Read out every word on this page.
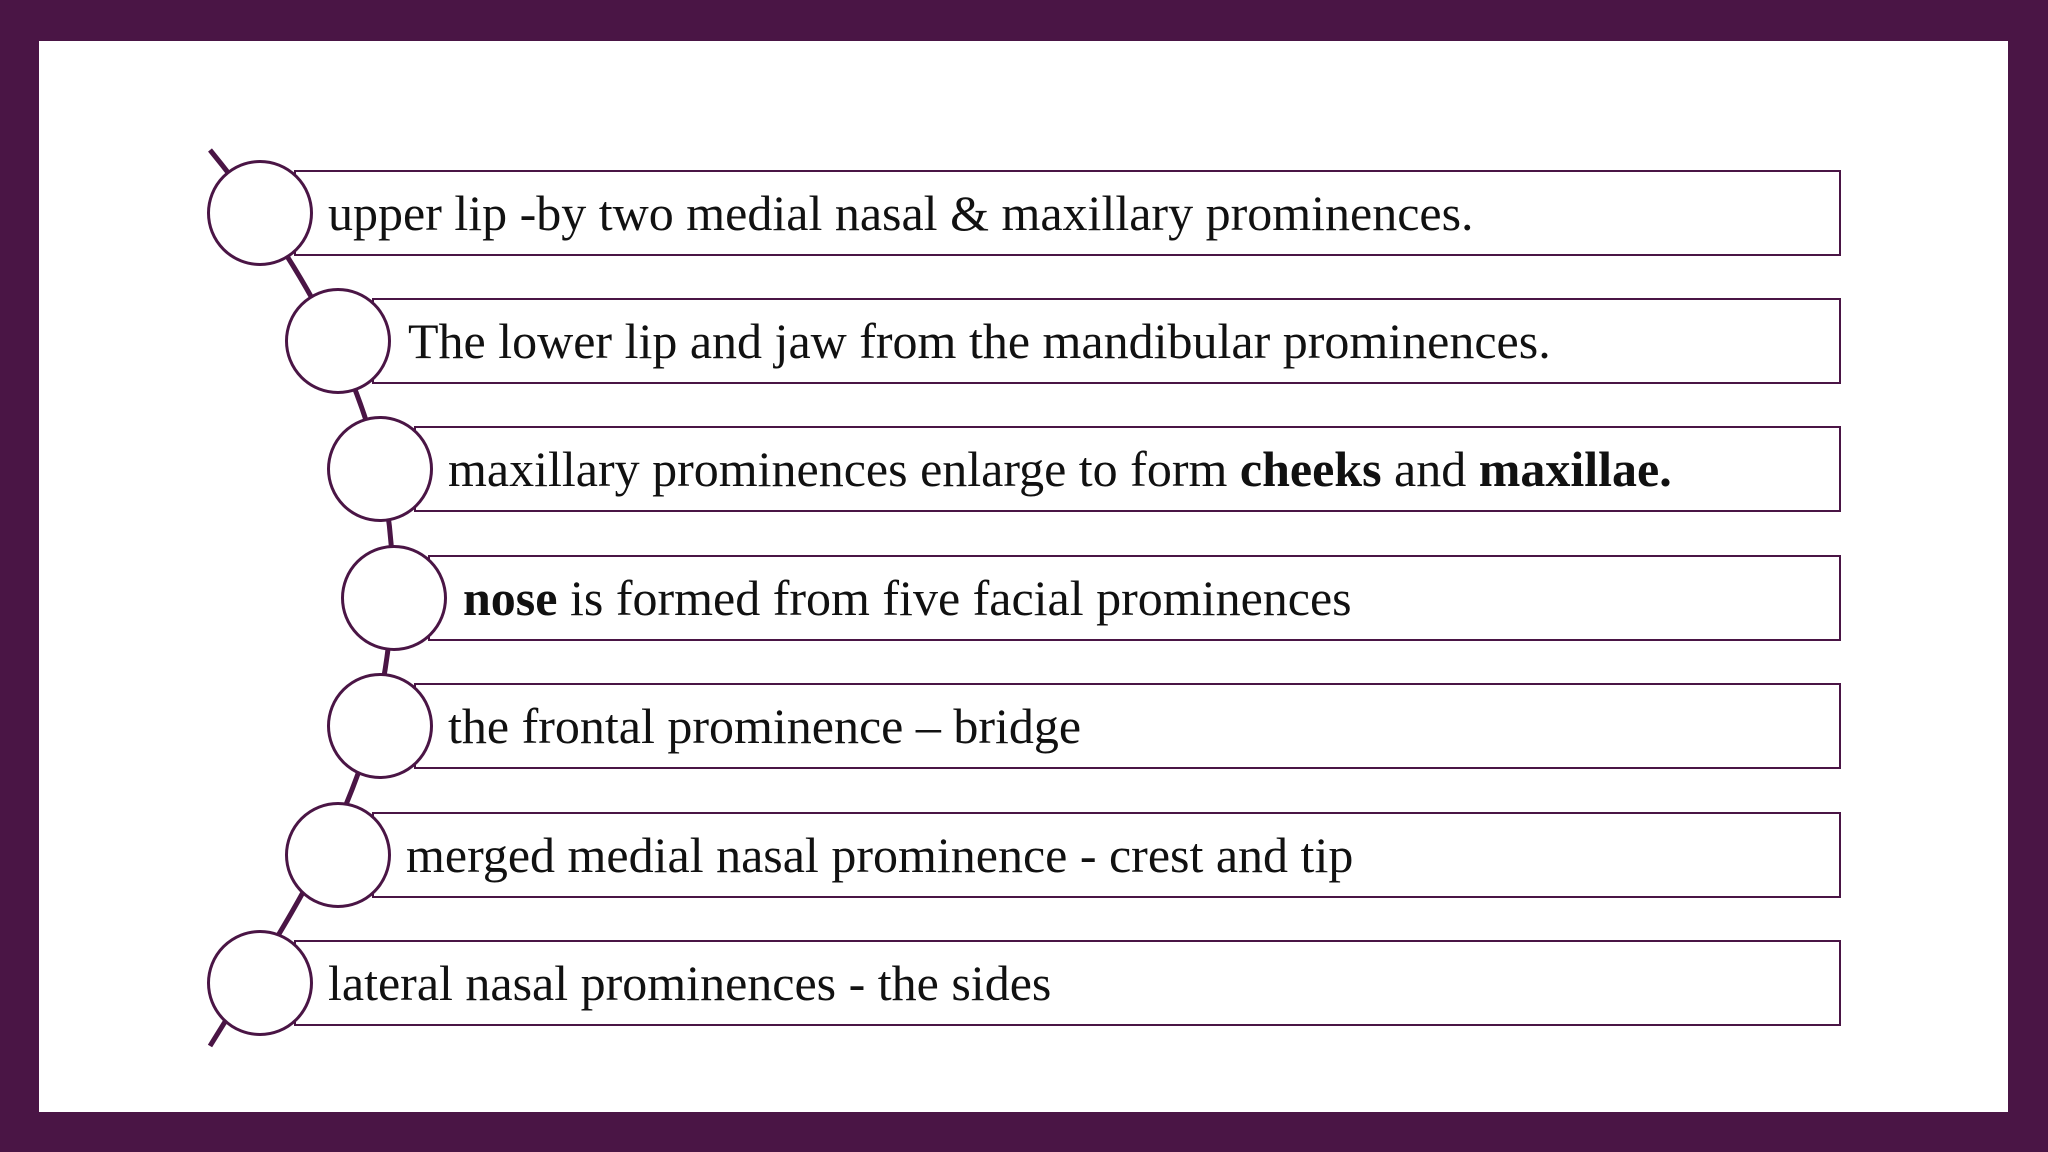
upper lip -by two medial nasal & maxillary prominences.
The lower lip and jaw from the mandibular prominences.
maxillary prominences enlarge to form cheeks and maxillae.
nose is formed from five facial prominences
the frontal prominence – bridge
merged medial nasal prominence - crest and tip
lateral nasal prominences - the sides
